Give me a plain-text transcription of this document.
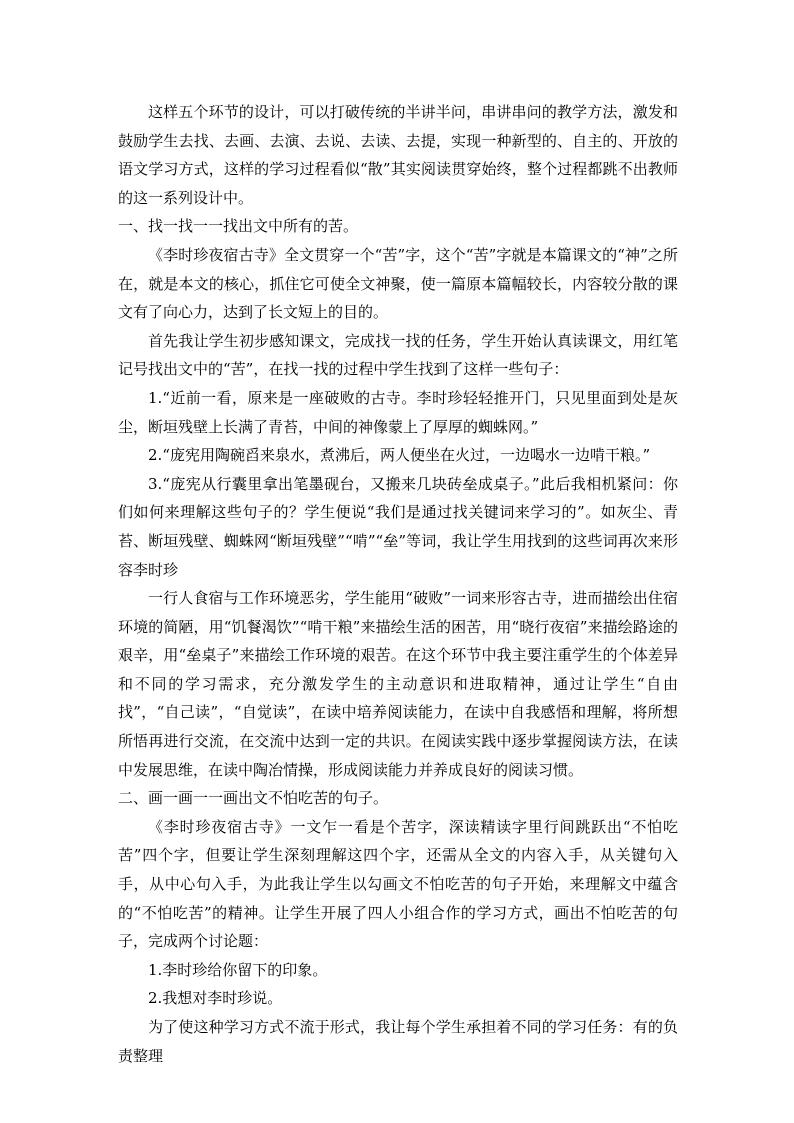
这样五个环节的设计，可以打破传统的半讲半问，串讲串问的教学方法，激发和鼓励学生去找、去画、去演、去说、去读、去提，实现一种新型的、自主的、开放的语文学习方式，这样的学习过程看似“散”其实阅读贯穿始终，整个过程都跳不出教师的这一系列设计中。

一、找一找一一找出文中所有的苦。

《李时珍夜宿古寺》全文贯穿一个“苦”字，这个“苦”字就是本篇课文的“神”之所在，就是本文的核心，抓住它可使全文神聚，使一篇原本篇幅较长，内容较分散的课文有了向心力，达到了长文短上的目的。

首先我让学生初步感知课文，完成找一找的任务，学生开始认真读课文，用红笔记号找出文中的“苦”，在找一找的过程中学生找到了这样一些句子：

1.“近前一看，原来是一座破败的古寺。李时珍轻轻推开门，只见里面到处是灰尘，断垣残壁上长满了青苔，中间的神像蒙上了厚厚的蜘蛛网。”

2.“庞宪用陶碗舀来泉水，煮沸后，两人便坐在火过，一边喝水一边啃干粮。”

3.“庞宪从行囊里拿出笔墨砚台，又搬来几块砖垒成桌子。”此后我相机紧问：你们如何来理解这些句子的？学生便说“我们是通过找关键词来学习的”。如灰尘、青苔、断垣残壁、蜘蛛网“断垣残壁”“啃”“垒”等词，我让学生用找到的这些词再次来形容李时珍

一行人食宿与工作环境恶劣，学生能用“破败”一词来形容古寺，进而描绘出住宿环境的简陋，用“饥餐渴饮”“啃干粮”来描绘生活的困苦，用“晓行夜宿”来描绘路途的艰辛，用“垒桌子”来描绘工作环境的艰苦。在这个环节中我主要注重学生的个体差异和不同的学习需求，充分激发学生的主动意识和进取精神，通过让学生“自由找”，“自己读”，“自觉读”，在读中培养阅读能力，在读中自我感悟和理解，将所想所悟再进行交流，在交流中达到一定的共识。在阅读实践中逐步掌握阅读方法，在读中发展思维，在读中陶冶情操，形成阅读能力并养成良好的阅读习惯。

二、画一画一一画出文不怕吃苦的句子。

《李时珍夜宿古寺》一文乍一看是个苦字，深读精读字里行间跳跃出“不怕吃苦”四个字，但要让学生深刻理解这四个字，还需从全文的内容入手，从关键句入手，从中心句入手，为此我让学生以勾画文不怕吃苦的句子开始，来理解文中蕴含的“不怕吃苦”的精神。让学生开展了四人小组合作的学习方式，画出不怕吃苦的句子，完成两个讨论题：

1.李时珍给你留下的印象。

2.我想对李时珍说。

为了使这种学习方式不流于形式，我让每个学生承担着不同的学习任务：有的负责整理
